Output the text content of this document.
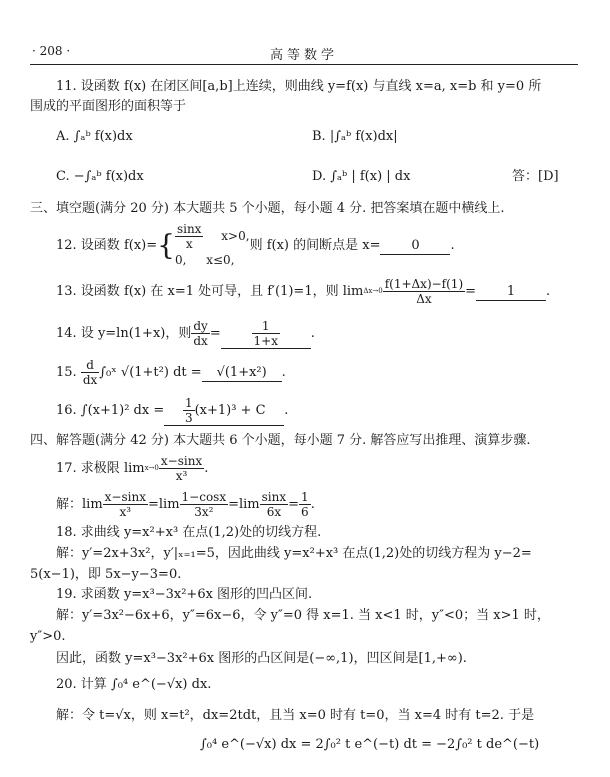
· 208 ·	高等数学
11. 设函数 f(x) 在闭区间[a,b]上连续，则曲线 y=f(x) 与直线 x=a, x=b 和 y=0 所
围成的平面图形的面积等于
A. ∫ₐᵇ f(x)dx	B. |∫ₐᵇ f(x)dx|
C. −∫ₐᵇ f(x)dx	D. ∫ₐᵇ | f(x) | dx	答：[D]
三、填空题(满分 20 分) 本大题共 5 个小题，每小题 4 分. 把答案填在题中横线上.
12. 设函数 $f(x)=\{ \frac{\sin x}{x} x>0$,
0, x≤0,
则 f(x) 的间断点是 x= 0 .
13. 设函数 f(x) 在 x=1 处可导，且 f′(1)=1，则 $\lim \Delta x\to 0 \frac{f(1+\Delta x)-f(1)}{\Delta x} = 1$ .
14. 设 y=ln(1+x)，则 $\frac{dy}{dx}$ =	$\frac{1}{1+x}$ .
15. $\frac{d}{dx}$ ∫₀ˣ √(1+t²) dt = √(1+x²) .
16. ∫(x+1)² dx = $\frac{1}{3} (x+1)^3 + C$ .
四、解答题(满分 42 分) 本大题共 6 个小题，每小题 7 分. 解答应写出推理、演算步骤.
17. 求极限 $\lim x\to 0 \frac{x-\sin x}{\text{x³}}$ .
解：$\lim \frac{x-\sin x}{\text{x³}} =\lim \frac{1-\cos x}{\text{3x²}} =\lim \frac{\sin x}{6x} = \frac{1}{6}$ .
18. 求曲线 y=x²+x³ 在点(1,2)处的切线方程.
解：y′=2x+3x²，y′|ₓ₌₁=5，因此曲线 y=x²+x³ 在点(1,2)处的切线方程为 y−2=
5(x−1)，即 5x−y−3=0.
19. 求函数 y=x³−3x²+6x 图形的凹凸区间.
解：y′=3x²−6x+6，y″=6x−6，令 y″=0 得 x=1. 当 x<1 时，y″<0；当 x>1 时，
y″>0.
因此，函数 y=x³−3x²+6x 图形的凸区间是(−∞,1)，凹区间是[1,+∞).
20. 计算 ∫₀⁴ e^(−√x) dx.
解：令 t=√x，则 x=t²，dx=2tdt，且当 x=0 时有 t=0，当 x=4 时有 t=2. 于是
∫₀⁴ e^(−√x) dx = 2∫₀² t e^(−t) dt = −2∫₀² t de^(−t)
